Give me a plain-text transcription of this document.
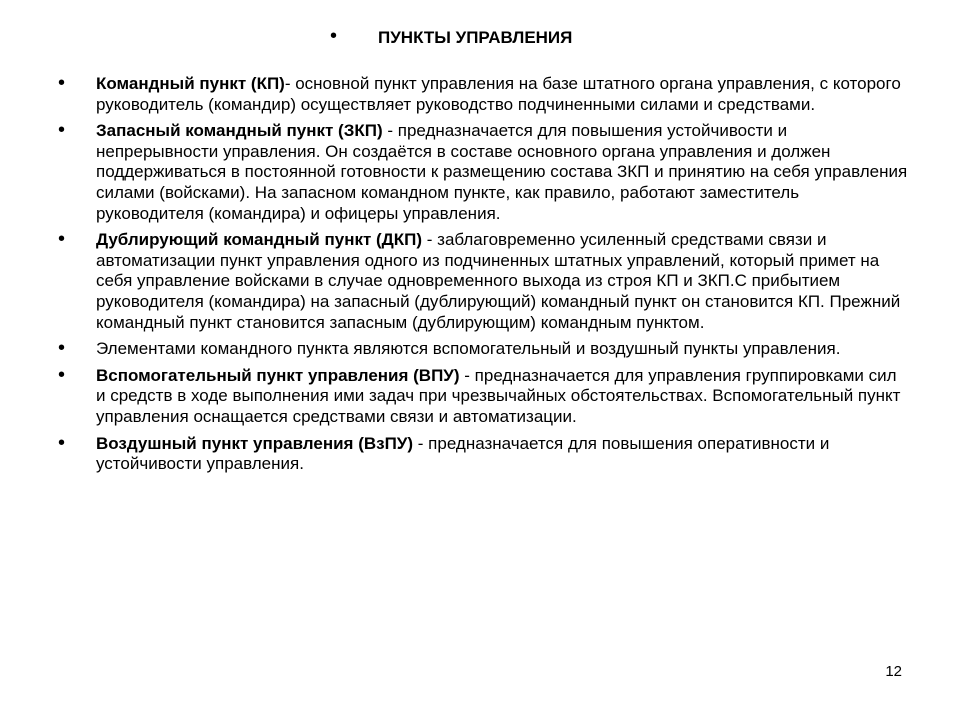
• ПУНКТЫ УПРАВЛЕНИЯ
• Командный пункт (КП)- основной пункт управления на базе штатного органа управления, с которого руководитель (командир) осуществляет руководство подчиненными силами и средствами.
• Запасный командный пункт (ЗКП) - предназначается для повышения устойчивости и непрерывности управления. Он создаётся в составе основного органа управления и должен поддерживаться в постоянной готовности к размещению состава ЗКП и принятию на себя управления силами (войсками). На запасном командном пункте, как правило, работают заместитель руководителя (командира) и офицеры управления.
• Дублирующий командный пункт (ДКП) - заблаговременно усиленный средствами связи и автоматизации пункт управления одного из подчиненных штатных управлений, который примет на себя управление войсками в случае одновременного выхода из строя КП и ЗКП.С прибытием руководителя (командира) на запасный (дублирующий) командный пункт он становится КП. Прежний командный пункт становится запасным (дублирующим) командным пунктом.
• Элементами командного пункта являются вспомогательный и воздушный пункты управления.
• Вспомогательный пункт управления (ВПУ) - предназначается для управления группировками сил и средств в ходе выполнения ими задач при чрезвычайных обстоятельствах. Вспомогательный пункт управления оснащается средствами связи и автоматизации.
• Воздушный пункт управления (ВзПУ) - предназначается для повышения оперативности и устойчивости управления.
12
